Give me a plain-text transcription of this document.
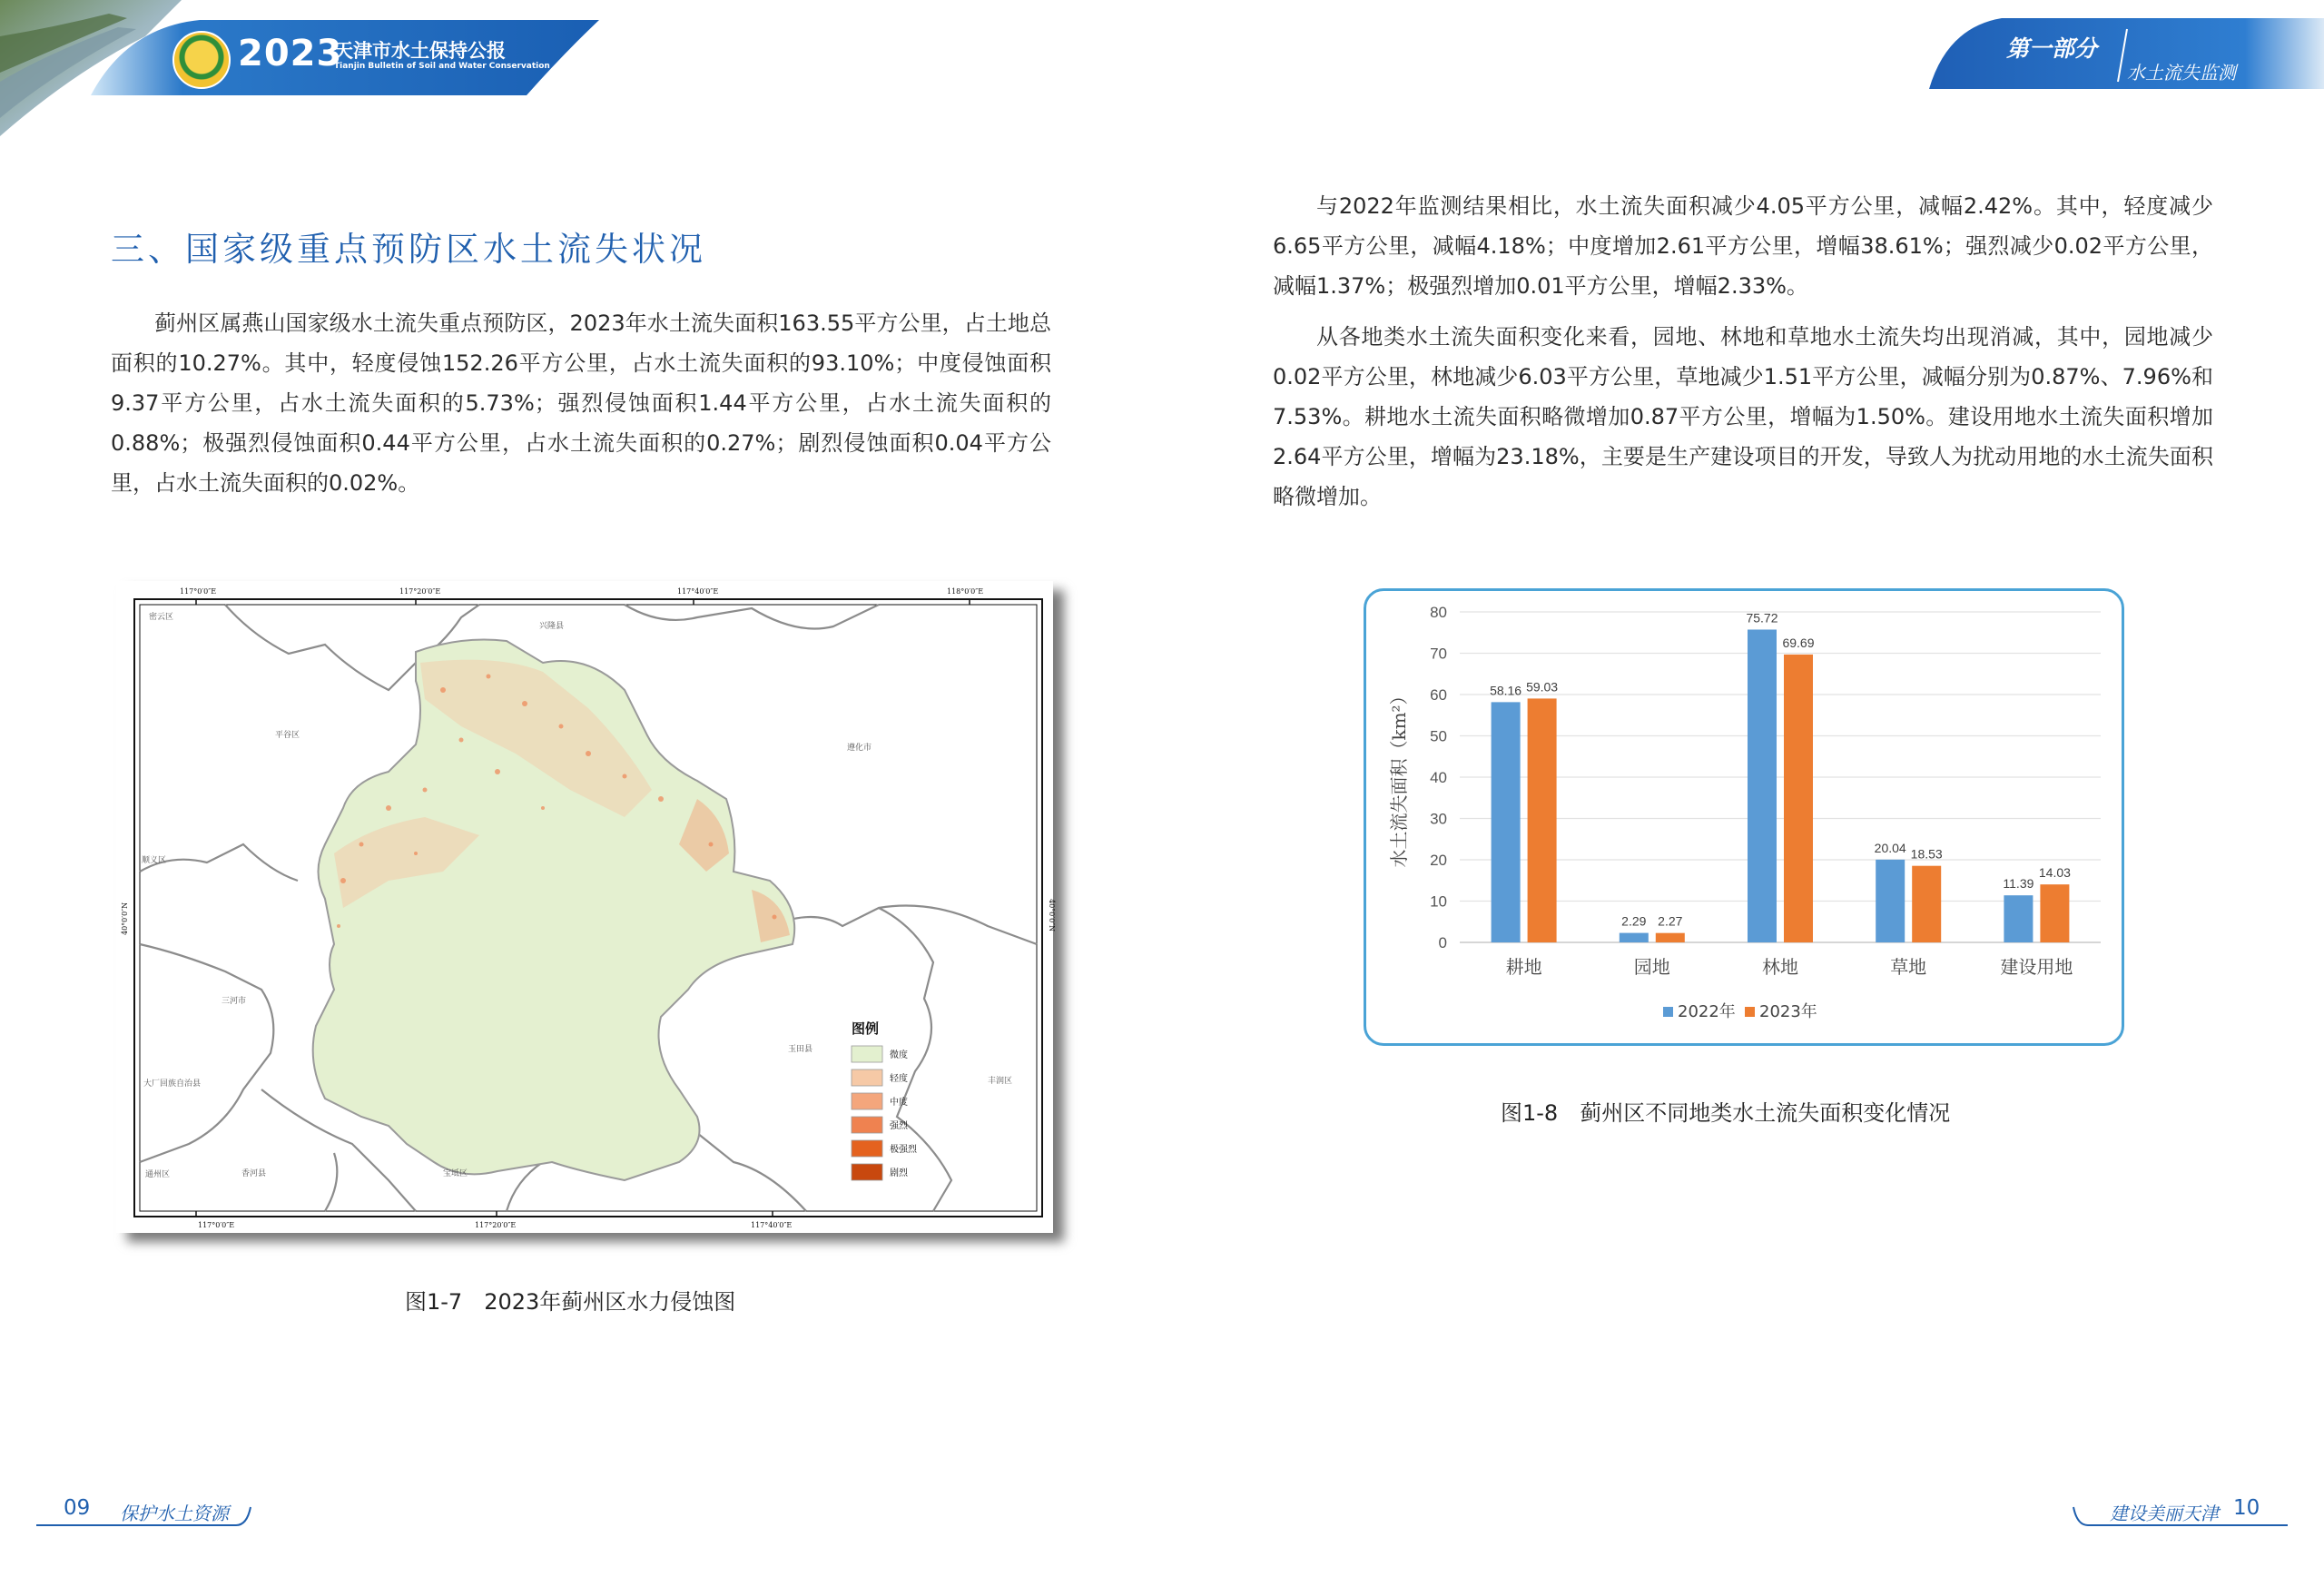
2023
天津市水土保持公报
Tianjin Bulletin of Soil and Water Conservation
第一部分
水土流失监测
三、国家级重点预防区水土流失状况
蓟州区属燕山国家级水土流失重点预防区，2023年水土流失面积163.55平方公里，占土地总面积的10.27%。其中，轻度侵蚀152.26平方公里，占水土流失面积的93.10%；中度侵蚀面积9.37平方公里，占水土流失面积的5.73%；强烈侵蚀面积1.44平方公里，占水土流失面积的0.88%；极强烈侵蚀面积0.44平方公里，占水土流失面积的0.27%；剧烈侵蚀面积0.04平方公里，占水土流失面积的0.02%。
117°0′0″E	117°20′0″E	117°40′0″E	118°0′0″E
117°0′0″E	117°20′0″E	117°40′0″E
40°0′0″N
40°0′0″N
兴隆县
密云区
平谷区
遵化市
三河市
大厂回族自治县
香河县	宝坻区
玉田县
丰润区
顺义区
通州区
图例
微度
轻度
中度
强烈
极强烈
剧烈
图1-7　2023年蓟州区水力侵蚀图
与2022年监测结果相比，水土流失面积减少4.05平方公里，减幅2.42%。其中，轻度减少6.65平方公里，减幅4.18%；中度增加2.61平方公里，增幅38.61%；强烈减少0.02平方公里，减幅1.37%；极强烈增加0.01平方公里，增幅2.33%。
从各地类水土流失面积变化来看，园地、林地和草地水土流失均出现消减，其中，园地减少0.02平方公里，林地减少6.03平方公里，草地减少1.51平方公里，减幅分别为0.87%、7.96%和7.53%。耕地水土流失面积略微增加0.87平方公里，增幅为1.50%。建设用地水土流失面积增加2.64平方公里，增幅为23.18%，主要是生产建设项目的开发，导致人为扰动用地的水土流失面积略微增加。
0
10
20
30
40
50
60
70
80
58.16 59.03
耕地
2.29 2.27
园地
75.72
69.69
林地
20.04 18.53
草地
11.39
14.03
建设用地
水土流失面积（km²）
2022年 2023年
图1-8　蓟州区不同地类水土流失面积变化情况
09 保护水土资源	建设美丽天津 10
